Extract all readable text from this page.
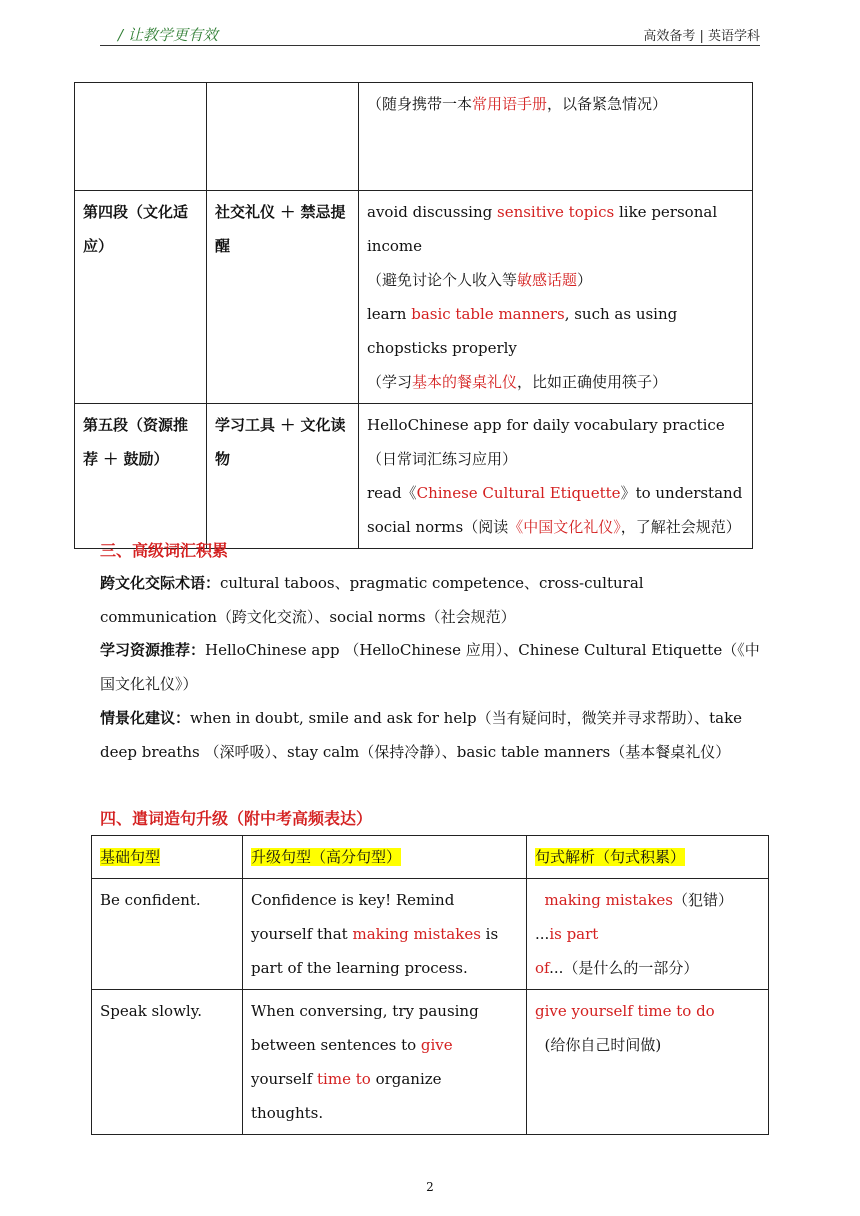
/ 让教学更有效	高效备考 | 英语学科
		（随身携带一本常用语手册，以备紧急情况）
第四段（文化适应）	社交礼仪 ＋ 禁忌提醒	avoid discussing sensitive topics like personal income
（避免讨论个人收入等敏感话题）
learn basic table manners, such as using chopsticks properly
（学习基本的餐桌礼仪，比如正确使用筷子）
第五段（资源推荐 ＋ 鼓励）	学习工具 ＋ 文化读物	HelloChinese app for daily vocabulary practice（日常词汇练习应用）
read《Chinese Cultural Etiquette》to understand social norms（阅读《中国文化礼仪》，了解社会规范）
三、高级词汇积累
跨文化交际术语：cultural taboos、pragmatic competence、cross-cultural communication（跨文化交流）、social norms（社会规范）
学习资源推荐：HelloChinese app （HelloChinese 应用）、Chinese Cultural Etiquette（《中国文化礼仪》）
情景化建议：when in doubt, smile and ask for help（当有疑问时，微笑并寻求帮助）、take deep breaths （深呼吸）、stay calm（保持冷静）、basic table manners（基本餐桌礼仪）
四、遣词造句升级（附中考高频表达）
基础句型	升级句型（高分句型）	句式解析（句式积累）
Be confident.	Confidence is key! Remind yourself that making mistakes is part of the learning process.	making mistakes（犯错）
...is part of...（是什么的一部分）
Speak slowly.	When conversing, try pausing between sentences to give yourself time to organize thoughts.	give yourself time to do
(给你自己时间做)
2
